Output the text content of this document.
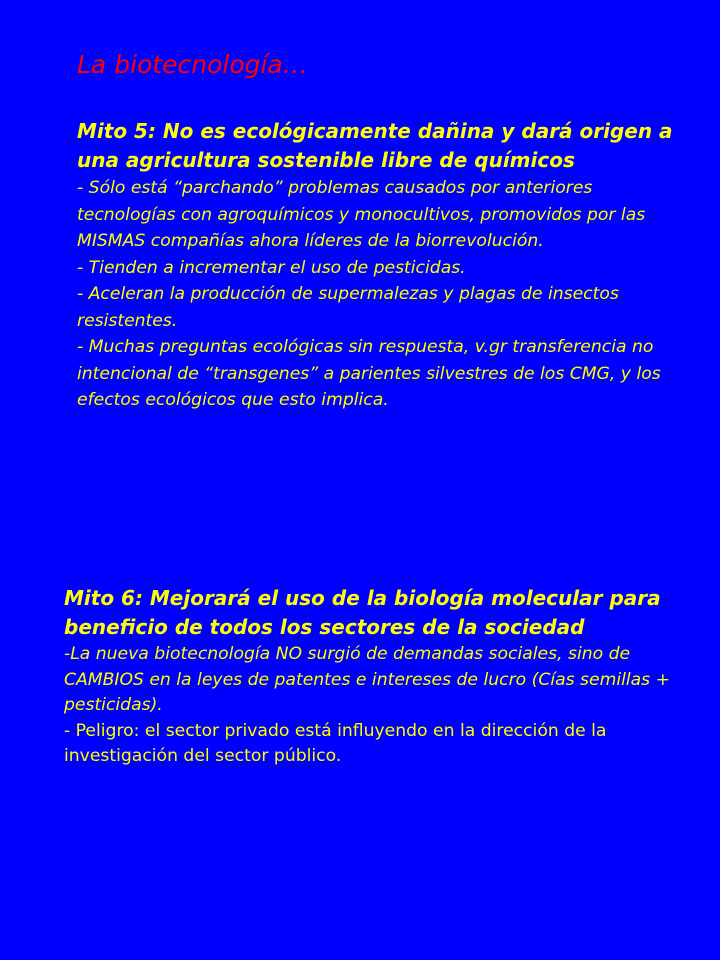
La biotecnología…

Mito 5: No es ecológicamente dañina y dará origen a una agricultura sostenible libre de químicos

- Sólo está “parchando” problemas causados por anteriores tecnologías con agroquímicos y monocultivos, promovidos por las MISMAS compañías ahora líderes de la biorrevolución.
- Tienden a incrementar el uso de pesticidas.
- Aceleran la producción de supermalezas y plagas de insectos resistentes.
- Muchas preguntas ecológicas sin respuesta, v.gr transferencia no intencional de “transgenes” a parientes silvestres de los CMG, y los efectos ecológicos que esto implica.

Mito 6: Mejorará el uso de la biología molecular para beneficio de todos los sectores de la sociedad

-La nueva biotecnología NO surgió de demandas sociales, sino de CAMBIOS en la leyes de patentes e intereses de lucro (Cías semillas + pesticidas).

- Peligro: el sector privado está influyendo en la dirección de la investigación del sector público.
